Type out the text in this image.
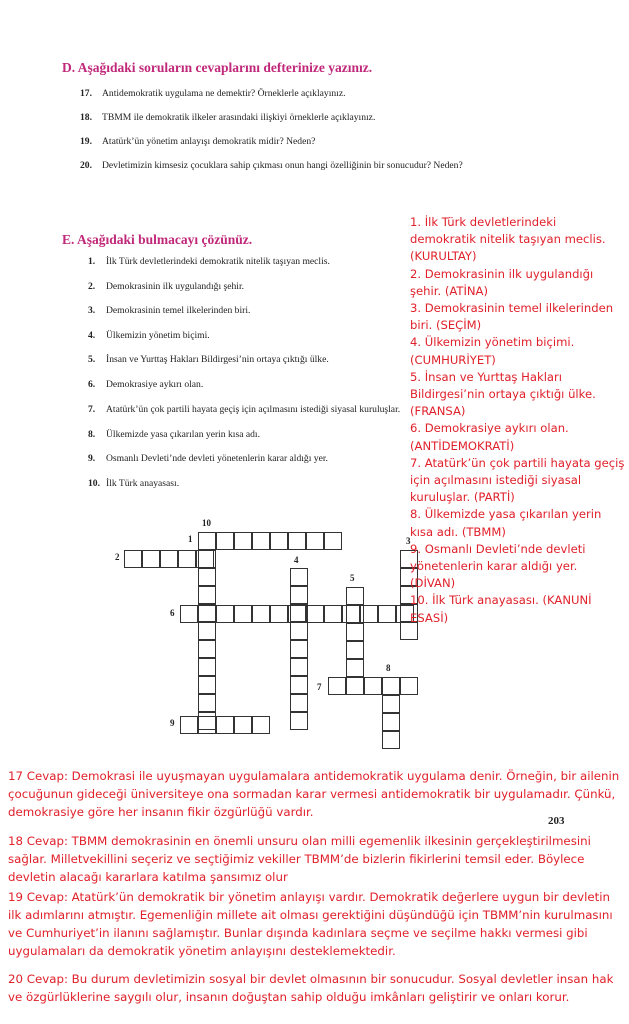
D. Aşağıdaki soruların cevaplarını defterinize yazınız.
17. Antidemokratik uygulama ne demektir? Örneklerle açıklayınız.
18. TBMM ile demokratik ilkeler arasındaki ilişkiyi örneklerle açıklayınız.
19. Atatürk’ün yönetim anlayışı demokratik midir? Neden?
20. Devletimizin kimsesiz çocuklara sahip çıkması onun hangi özelliğinin bir sonucudur? Neden?
E. Aşağıdaki bulmacayı çözünüz.
1. İlk Türk devletlerindeki demokratik nitelik taşıyan meclis.
2. Demokrasinin ilk uygulandığı şehir.
3. Demokrasinin temel ilkelerinden biri.
4. Ülkemizin yönetim biçimi.
5. İnsan ve Yurttaş Hakları Bildirgesi’nin ortaya çıktığı ülke.
6. Demokrasiye aykırı olan.
7. Atatürk’ün çok partili hayata geçiş için açılmasını istediği siyasal kuruluşlar.
8. Ülkemizde yasa çıkarılan yerin kısa adı.
9. Osmanlı Devleti’nde devleti yönetenlerin karar aldığı yer.
10. İlk Türk anayasası.
10
1
2
3
4
5
6
8
7
9
1. İlk Türk devletlerindeki
demokratik nitelik taşıyan meclis.
(KURULTAY)
2. Demokrasinin ilk uygulandığı
şehir. (ATİNA)
3. Demokrasinin temel ilkelerinden
biri. (SEÇİM)
4. Ülkemizin yönetim biçimi.
(CUMHURİYET)
5. İnsan ve Yurttaş Hakları
Bildirgesi’nin ortaya çıktığı ülke.
(FRANSA)
6. Demokrasiye aykırı olan.
(ANTİDEMOKRATİ)
7. Atatürk’ün çok partili hayata geçiş
için açılmasını istediği siyasal
kuruluşlar. (PARTİ)
8. Ülkemizde yasa çıkarılan yerin
kısa adı. (TBMM)
9. Osmanlı Devleti’nde devleti
yönetenlerin karar aldığı yer.
(DİVAN)
10. İlk Türk anayasası. (KANUNİ
ESASİ)
203
17 Cevap: Demokrasi ile uyuşmayan uygulamalara antidemokratik uygulama denir. Örneğin, bir ailenin çocuğunun gideceği üniversiteye ona sormadan karar vermesi antidemokratik bir uygulamadır. Çünkü, demokrasiye göre her insanın fikir özgürlüğü vardır.
18 Cevap: TBMM demokrasinin en önemli unsuru olan milli egemenlik ilkesinin gerçekleştirilmesini sağlar. Milletvekillini seçeriz ve seçtiğimiz vekiller TBMM’de bizlerin fikirlerini temsil eder. Böylece devletin alacağı kararlara katılma şansımız olur
19 Cevap: Atatürk’ün demokratik bir yönetim anlayışı vardır. Demokratik değerlere uygun bir devletin ilk adımlarını atmıştır. Egemenliğin millete ait olması gerektiğini düşündüğü için TBMM’nin kurulmasını ve Cumhuriyet’in ilanını sağlamıştır. Bunlar dışında kadınlara seçme ve seçilme hakkı vermesi gibi uygulamaları da demokratik yönetim anlayışını desteklemektedir.
20 Cevap: Bu durum devletimizin sosyal bir devlet olmasının bir sonucudur. Sosyal devletler insan hak ve özgürlüklerine saygılı olur, insanın doğuştan sahip olduğu imkânları geliştirir ve onları korur.
